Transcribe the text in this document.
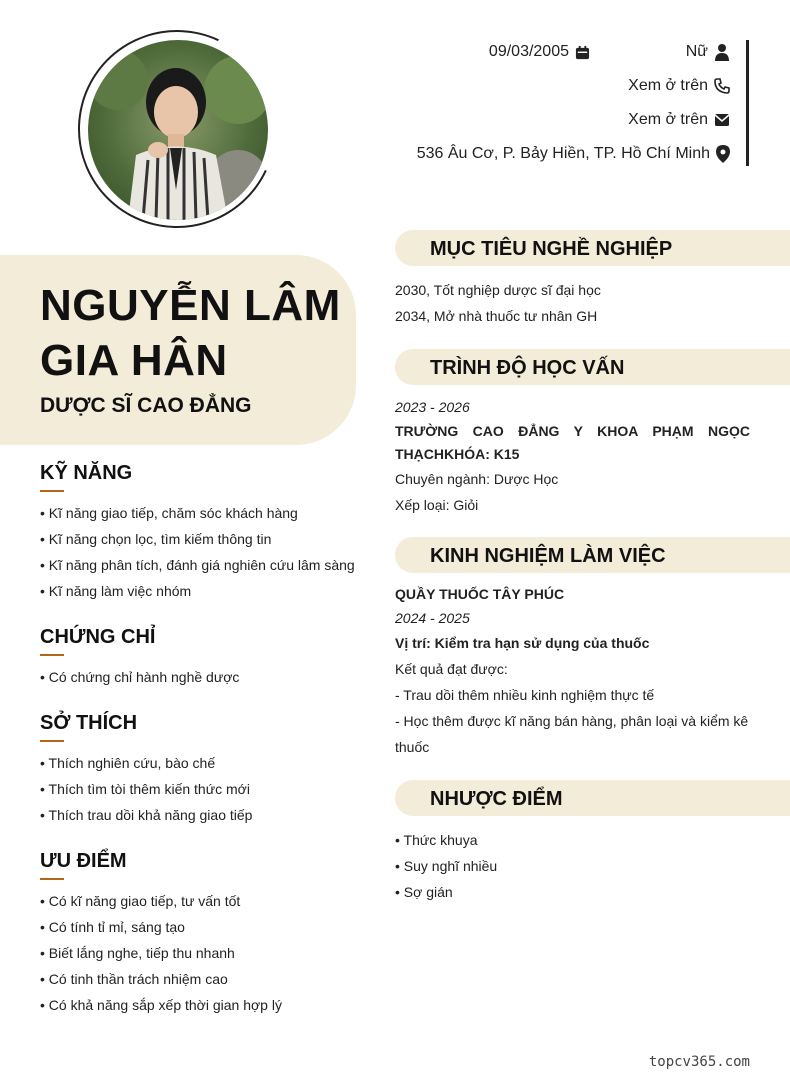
09/03/2005	Nữ
Xem ở trên
Xem ở trên
536 Âu Cơ, P. Bảy Hiền, TP. Hồ Chí Minh
NGUYỄN LÂM
GIA HÂN
DƯỢC SĨ CAO ĐẲNG
KỸ NĂNG
• Kĩ năng giao tiếp, chăm sóc khách hàng
• Kĩ năng chọn lọc, tìm kiếm thông tin
• Kĩ năng phân tích, đánh giá nghiên cứu lâm sàng
• Kĩ năng làm việc nhóm
CHỨNG CHỈ
• Có chứng chỉ hành nghề dược
SỞ THÍCH
• Thích nghiên cứu, bào chế
• Thích tìm tòi thêm kiến thức mới
• Thích trau dồi khả năng giao tiếp
ƯU ĐIỂM
• Có kĩ năng giao tiếp, tư vấn tốt
• Có tính tỉ mỉ, sáng tạo
• Biết lắng nghe, tiếp thu nhanh
• Có tinh thần trách nhiệm cao
• Có khả năng sắp xếp thời gian hợp lý
MỤC TIÊU NGHỀ NGHIỆP
2030, Tốt nghiệp dược sĩ đại học
2034, Mở nhà thuốc tư nhân GH
TRÌNH ĐỘ HỌC VẤN
2023 - 2026
TRƯỜNG CAO ĐẲNG Y KHOA PHẠM NGỌC THẠCHKHÓA: K15
Chuyên ngành: Dược Học
Xếp loại: Giỏi
KINH NGHIỆM LÀM VIỆC
QUẦY THUỐC TÂY PHÚC
2024 - 2025
Vị trí: Kiểm tra hạn sử dụng của thuốc
Kết quả đạt được:
- Trau dồi thêm nhiều kinh nghiệm thực tế
- Học thêm được kĩ năng bán hàng, phân loại và kiểm kê thuốc
NHƯỢC ĐIỂM
• Thức khuya
• Suy nghĩ nhiều
• Sợ gián
topcv365.com
